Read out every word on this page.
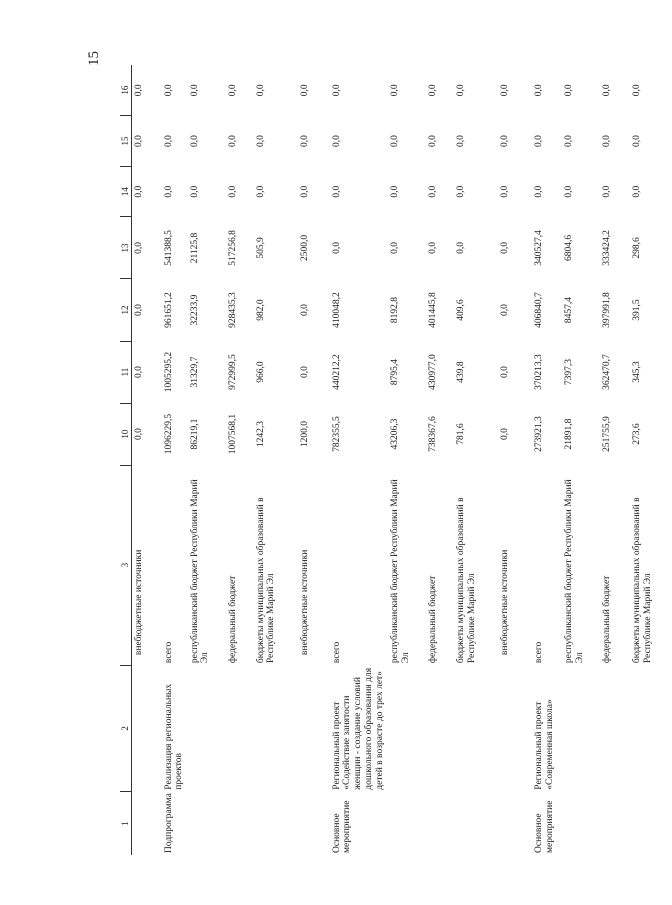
15
1	2	3	10	11	12	13	14	15	16
		внебюджетные источники	0,0	0,0	0,0	0,0	0,0	0,0	0,0
Подпрограмма	Реализация региональных проектов	всего	1096229,5	1005295,2	961651,2	541388,5	0,0	0,0	0,0
		республиканский бюджет Республики Марий Эл	86219,1	31329,7	32233,9	21125,8	0,0	0,0	0,0
		федеральный бюджет	1007568,1	972999,5	928435,3	517256,8	0,0	0,0	0,0
		бюджеты муниципальных образований в Республике Марий Эл	1242,3	966,0	982,0	505,9	0,0	0,0	0,0
		внебюджетные источники	1200,0	0,0	0,0	2500,0	0,0	0,0	0,0
Основное мероприятие	Региональный проект «Содействие занятости женщин - создание условий дошкольного образования для детей в возрасте до трех лет»	всего	782355,5	440212,2	410048,2	0,0	0,0	0,0	0,0
		республиканский бюджет Республики Марий Эл	43206,3	8795,4	8192,8	0,0	0,0	0,0	0,0
		федеральный бюджет	738367,6	430977,0	401445,8	0,0	0,0	0,0	0,0
		бюджеты муниципальных образований в Республике Марий Эл	781,6	439,8	409,6	0,0	0,0	0,0	0,0
		внебюджетные источники	0,0	0,0	0,0	0,0	0,0	0,0	0,0
Основное мероприятие	Региональный проект «Современная школа»	всего	273921,3	370213,3	406840,7	340527,4	0,0	0,0	0,0
		республиканский бюджет Республики Марий Эл	21891,8	7397,3	8457,4	6804,6	0,0	0,0	0,0
		федеральный бюджет	251755,9	362470,7	397991,8	333424,2	0,0	0,0	0,0
		бюджеты муниципальных образований в Республике Марий Эл	273,6	345,3	391,5	298,6	0,0	0,0	0,0
